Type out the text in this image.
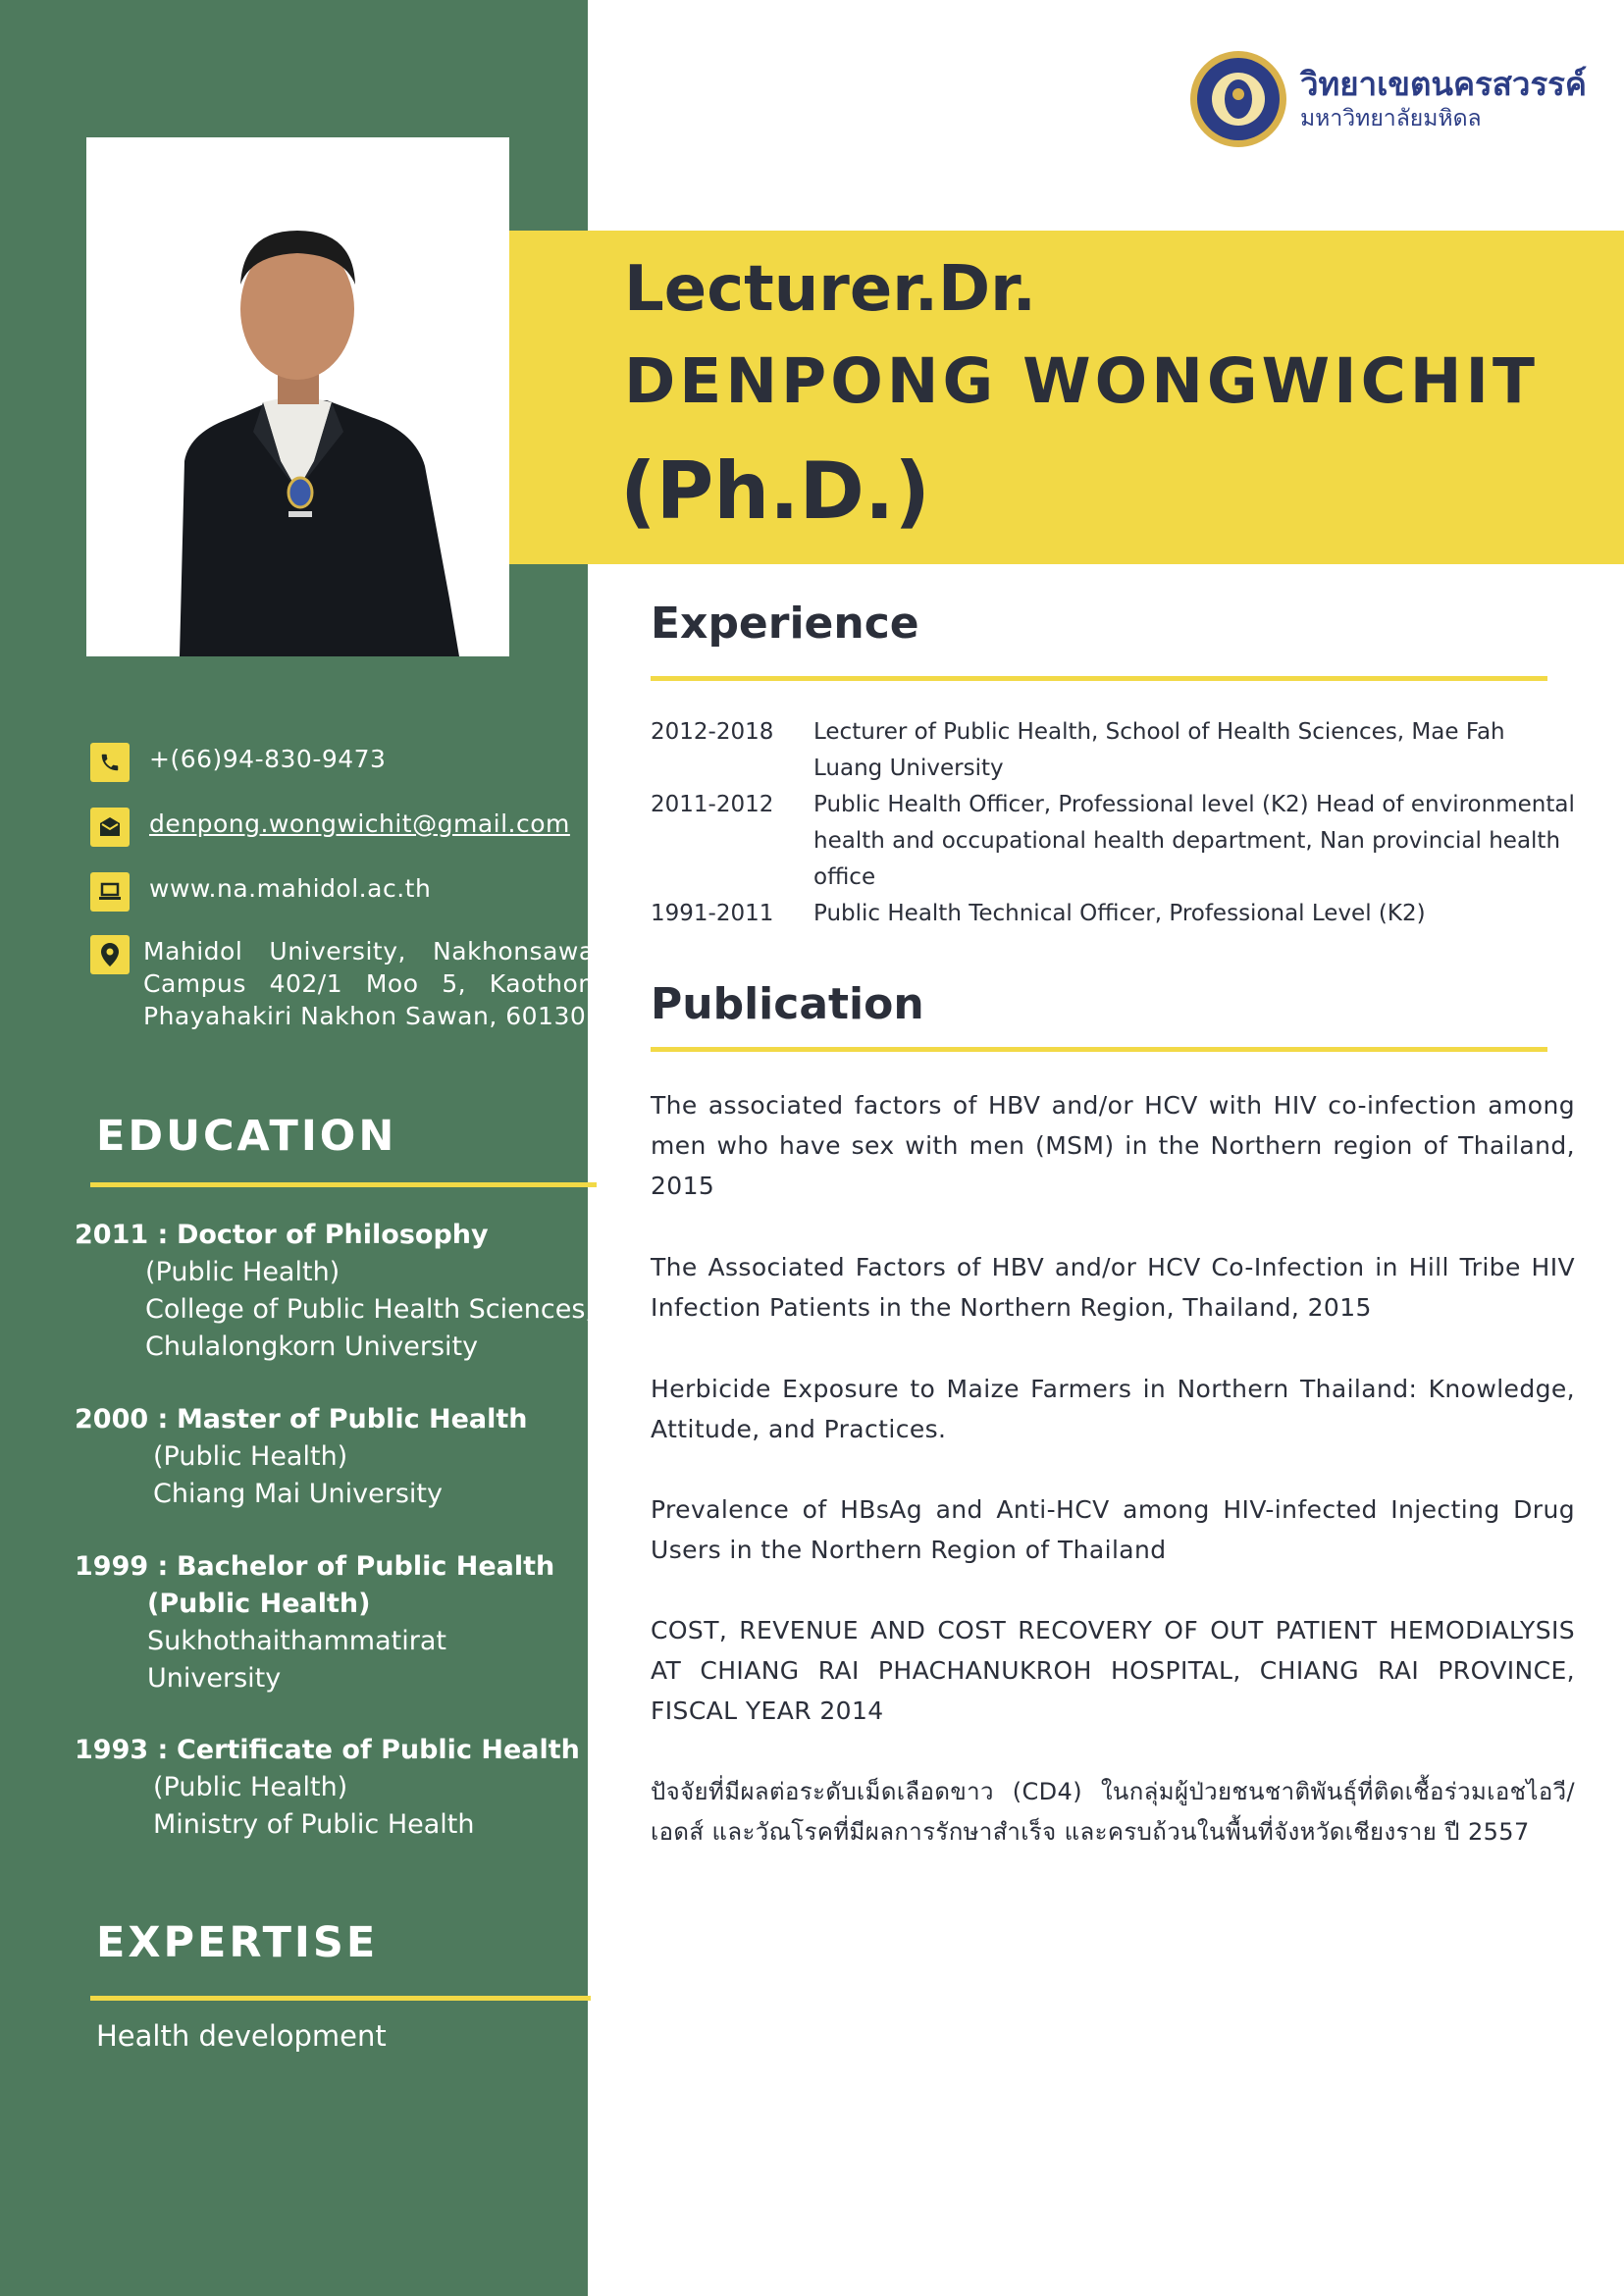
+(66)94-830-9473
denpong.wongwichit@gmail.com
www.na.mahidol.ac.th
Mahidol University, Nakhonsawan Campus 402/1 Moo 5, Kaothong Phayahakiri Nakhon Sawan, 60130
EDUCATION
2011 : Doctor of Philosophy
(Public Health)
College of Public Health Sciences,
Chulalongkorn University
2000 : Master of Public Health
(Public Health)
Chiang Mai University
1999 : Bachelor of Public Health
(Public Health)
Sukhothaithammatirat
University
1993 : Certificate of Public Health
(Public Health)
Ministry of Public Health
EXPERTISE
Health development
วิทยาเขตนครสวรรค์
มหาวิทยาลัยมหิดล
Lecturer.Dr.
DENPONG WONGWICHIT
(Ph.D.)
Experience
2012-2018	Lecturer of Public Health, School of Health Sciences, Mae Fah Luang University
2011-2012	Public Health Officer, Professional level (K2) Head of environmental health and occupational health department, Nan provincial health office
1991-2011	Public Health Technical Officer, Professional Level (K2)
Publication
The associated factors of HBV and/or HCV with HIV co-infection among men who have sex with men (MSM) in the Northern region of Thailand, 2015
The Associated Factors of HBV and/or HCV Co-Infection in Hill Tribe HIV Infection Patients in the Northern Region, Thailand, 2015
Herbicide Exposure to Maize Farmers in Northern Thailand: Knowledge, Attitude, and Practices.
Prevalence of HBsAg and Anti-HCV among HIV-infected Injecting Drug Users in the Northern Region of Thailand
COST, REVENUE AND COST RECOVERY OF OUT PATIENT HEMODIALYSIS AT CHIANG RAI PHACHANUKROH HOSPITAL, CHIANG RAI PROVINCE, FISCAL YEAR 2014
ปัจจัยที่มีผลต่อระดับเม็ดเลือดขาว (CD4) ในกลุ่มผู้ป่วยชนชาติพันธุ์ที่ติดเชื้อร่วมเอชไอวี/เอดส์ และวัณโรคที่มีผลการรักษาสำเร็จ และครบถ้วนในพื้นที่จังหวัดเชียงราย ปี 2557
